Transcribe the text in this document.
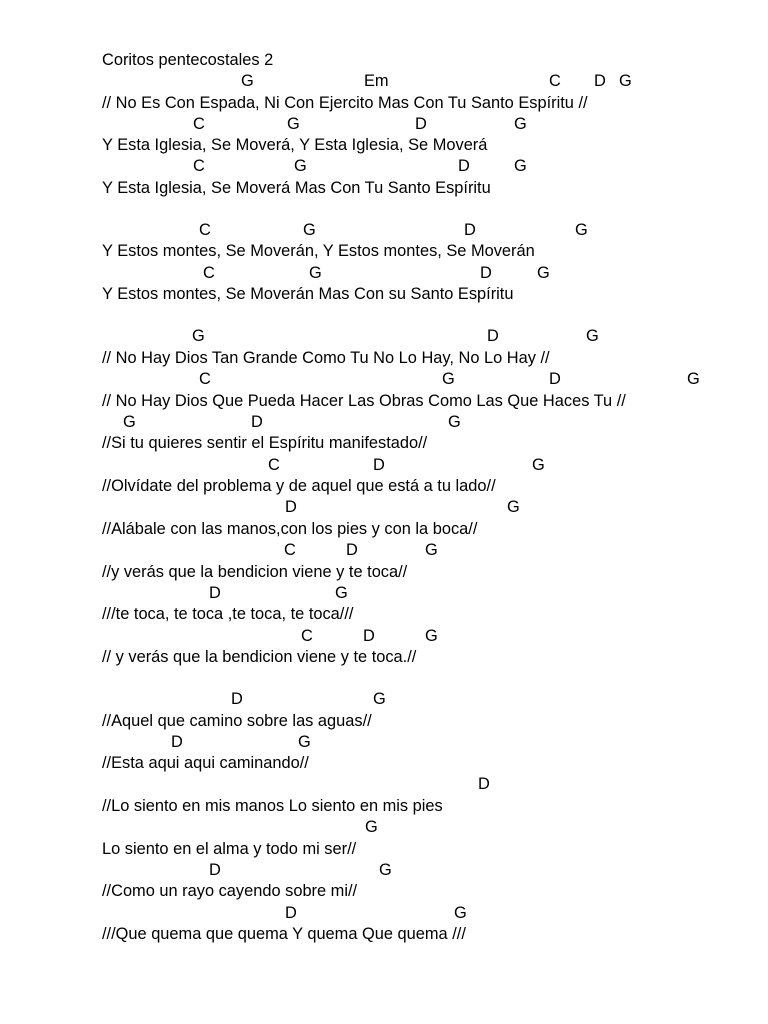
Coritos pentecostales 2
G	Em	C D G
// No Es Con Espada, Ni Con Ejercito Mas Con Tu Santo Espíritu //
C	G	D	G
Y Esta Iglesia, Se Moverá, Y Esta Iglesia, Se Moverá
C	G	D	G
Y Esta Iglesia, Se Moverá Mas Con Tu Santo Espíritu
C	G	D	G
Y Estos montes, Se Moverán, Y Estos montes, Se Moverán
C	G	D	G
Y Estos montes, Se Moverán Mas Con su Santo Espíritu
G	D	G
// No Hay Dios Tan Grande Como Tu No Lo Hay, No Lo Hay //
C	G	D	G
// No Hay Dios Que Pueda Hacer Las Obras Como Las Que Haces Tu //
G	D	G
//Si tu quieres sentir el Espíritu manifestado//
C	D	G
//Olvídate del problema y de aquel que está a tu lado//
D	G
//Alábale con las manos,con los pies y con la boca//
C	D	G
//y verás que la bendicion viene y te toca//
D	G
///te toca, te toca ,te toca, te toca///
C	D	G
// y verás que la bendicion viene y te toca.//
D	G
//Aquel que camino sobre las aguas//
D	G
//Esta aqui aqui caminando//
D
//Lo siento en mis manos Lo siento en mis pies
G
Lo siento en el alma y todo mi ser//
D	G
//Como un rayo cayendo sobre mi//
D	G
///Que quema que quema Y quema Que quema ///
